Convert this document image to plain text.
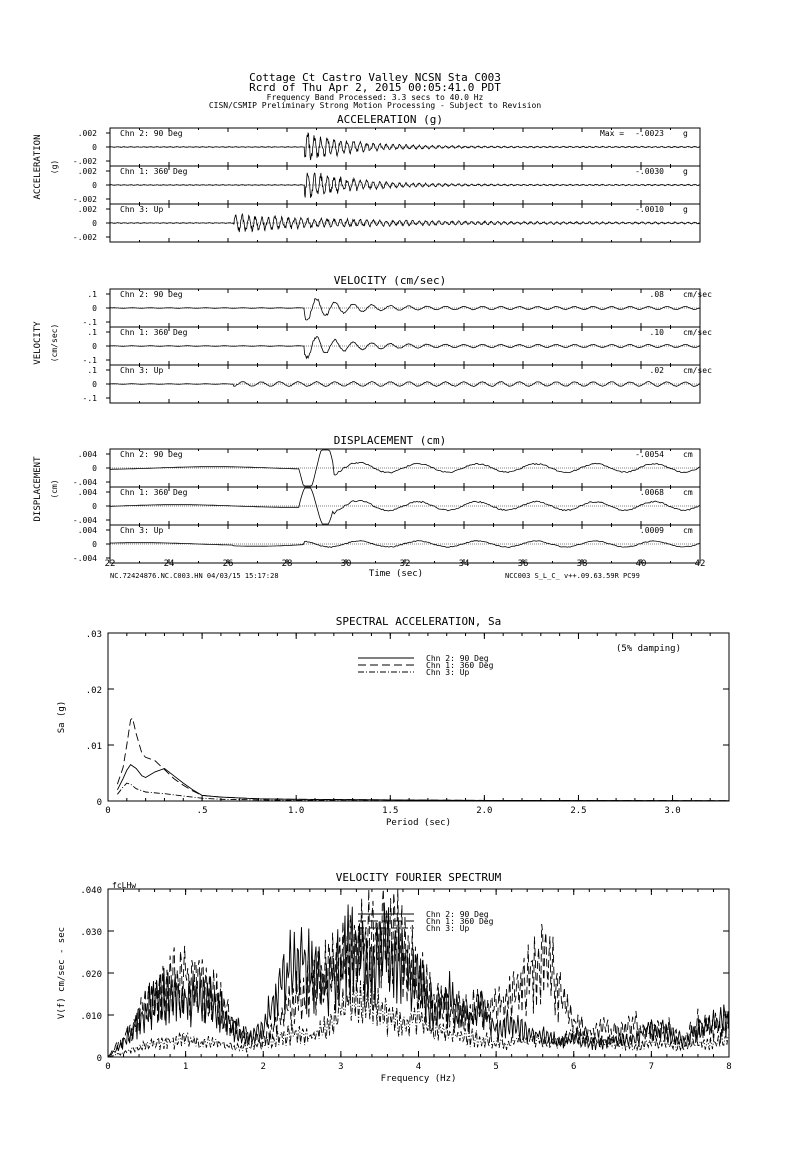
Cottage Ct Castro Valley NCSN Sta C003
Rcrd of Thu Apr 2, 2015 00:05:41.0 PDT
Frequency Band Processed: 3.3 secs to 40.0 Hz
CISN/CSMIP Preliminary Strong Motion Processing - Subject to Revision
ACCELERATION (g)
ACCELERATION (g)
.002
0
-.002
Chn 2: 90 Deg	Max = -.0023 g
.002
0
-.002
Chn 1: 360 Deg	-.0030 g
.002
0
-.002
Chn 3: Up	-.0010 g
VELOCITY (cm/sec)
VELOCITY (cm/sec)
.1
0
-.1
Chn 2: 90 Deg	.08 cm/sec
.1
0
-.1
Chn 1: 360 Deg	.10 cm/sec
.1
0
-.1
Chn 3: Up	.02 cm/sec
DISPLACEMENT (cm)
DISPLACEMENT (cm)
.004
0
-.004
Chn 2: 90 Deg	-.0054 cm
.004
0
-.004
Chn 1: 360 Deg	.0068 cm
.004
0
-.004
Chn 3: Up	.0009 cm
22	24	26	28	30	32	34	36	38	40	42
Time (sec)
SPECTRAL ACCELERATION, Sa
0	.5	1.0	1.5	2.0	2.5	3.0
0
.01
.02
.03
Period (sec)
Sa (g)
Chn 2: 90 Deg
Chn 1: 360 Deg
Chn 3: Up
(5% damping)
VELOCITY FOURIER SPECTRUM
0	1	2	3	4	5	6	7	8
0
.010
.020
.030
.040
Frequency (Hz)
V(f) cm/sec - sec
Chn 2: 90 Deg
Chn 1: 360 Deg
Chn 3: Up
fcLHw
NC.72424876.NC.C003.HN 04/03/15 15:17:28	NCC003 S_L_C_ v++.09.63.59R PC99
